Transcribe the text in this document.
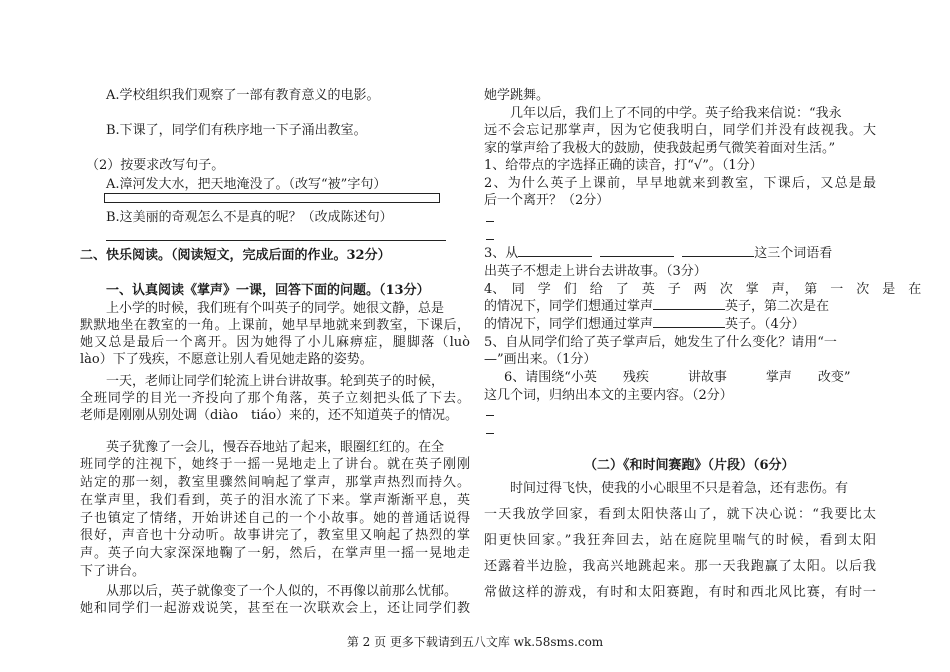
A.学校组织我们观察了一部有教育意义的电影。
B.下课了，同学们有秩序地一下子涌出教室。
（2）按要求改写句子。
A.漳河发大水，把天地淹没了。（改写“被”字句）
B.这美丽的奇观怎么不是真的呢？（改成陈述句）
二、快乐阅读。（阅读短文，完成后面的作业。32分）
一、认真阅读《掌声》一课，回答下面的问题。（13分）
上小学的时候，我们班有个叫英子的同学。她很文静，总是
默默地坐在教室的一角。上课前，她早早地就来到教室，下课后，
她又总是最后一个离开。因为她得了小儿麻痹症，腿脚落（luò
lào）下了残疾，不愿意让别人看见她走路的姿势。
一天，老师让同学们轮流上讲台讲故事。轮到英子的时候，
全班同学的目光一齐投向了那个角落，英子立刻把头低了下去。
老师是刚刚从别处调（diào　tiáo）来的，还不知道英子的情况。
英子犹豫了一会儿，慢吞吞地站了起来，眼圈红红的。在全
班同学的注视下，她终于一摇一晃地走上了讲台。就在英子刚刚
站定的那一刻，教室里骤然间响起了掌声，那掌声热烈而持久。
在掌声里，我们看到，英子的泪水流了下来。掌声渐渐平息，英
子也镇定了情绪，开始讲述自己的一个小故事。她的普通话说得
很好，声音也十分动听。故事讲完了，教室里又响起了热烈的掌
声。英子向大家深深地鞠了一躬，然后，在掌声里一摇一晃地走
下了讲台。
从那以后，英子就像变了一个人似的，不再像以前那么忧郁。
她和同学们一起游戏说笑，甚至在一次联欢会上，还让同学们教
她学跳舞。
几年以后，我们上了不同的中学。英子给我来信说：“我永
远不会忘记那掌声，因为它使我明白，同学们并没有歧视我。大
家的掌声给了我极大的鼓励，使我鼓起勇气微笑着面对生活。”
1、给带点的字选择正确的读音，打“√”。（1分）
2、为什么英子上课前，早早地就来到教室，下课后，又总是最
后一个离开？（2分）
3、从	这三个词语看
出英子不想走上讲台去讲故事。（3分）
4、　同　学　们　给　了　英　子　两　次　掌　声，　第　一　次　是　在
的情况下，同学们想通过掌声	英子，第二次是在
的情况下，同学们想通过掌声	英子。（4分）
5、自从同学们给了英子掌声后，她发生了什么变化？请用“一
—”画出来。（1分）
6、请围绕“小英　　残疾　　　讲故事　　　掌声　　改变”
这几个词，归纳出本文的主要内容。（2分）
（二）《和时间赛跑》（片段）（6分）
时间过得飞快，使我的小心眼里不只是着急，还有悲伤。有
一天我放学回家，看到太阳快落山了，就下决心说：“我要比太
阳更快回家。”我狂奔回去，站在庭院里喘气的时候，看到太阳
还露着半边脸，我高兴地跳起来。那一天我跑赢了太阳。以后我
常做这样的游戏，有时和太阳赛跑，有时和西北风比赛，有时一
第 2 页 更多下载请到五八文库 wk.58sms.com
